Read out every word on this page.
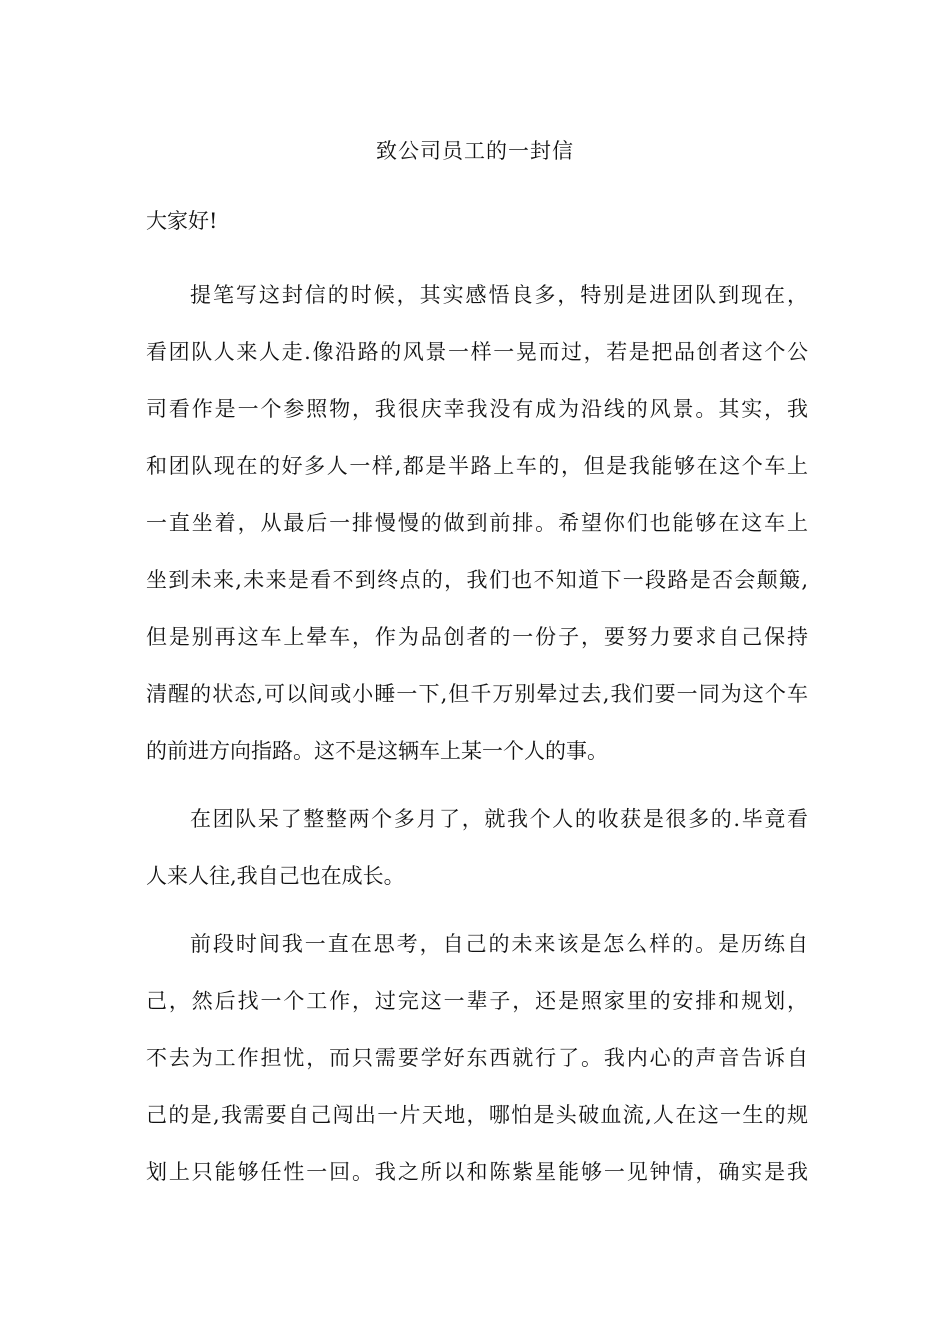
致公司员工的一封信
大家好!
提笔写这封信的时候，其实感悟良多，特别是进团队到现在，
看团队人来人走.像沿路的风景一样一晃而过，若是把品创者这个公
司看作是一个参照物，我很庆幸我没有成为沿线的风景。其实，我
和团队现在的好多人一样,都是半路上车的，但是我能够在这个车上
一直坐着，从最后一排慢慢的做到前排。希望你们也能够在这车上
坐到未来,未来是看不到终点的，我们也不知道下一段路是否会颠簸,
但是别再这车上晕车，作为品创者的一份子，要努力要求自己保持
清醒的状态,可以间或小睡一下,但千万别晕过去,我们要一同为这个车
的前进方向指路。这不是这辆车上某一个人的事。
在团队呆了整整两个多月了，就我个人的收获是很多的.毕竟看
人来人往,我自己也在成长。
前段时间我一直在思考，自己的未来该是怎么样的。是历练自
己，然后找一个工作，过完这一辈子，还是照家里的安排和规划，
不去为工作担忧，而只需要学好东西就行了。我内心的声音告诉自
己的是,我需要自己闯出一片天地，哪怕是头破血流,人在这一生的规
划上只能够任性一回。我之所以和陈紫星能够一见钟情，确实是我
